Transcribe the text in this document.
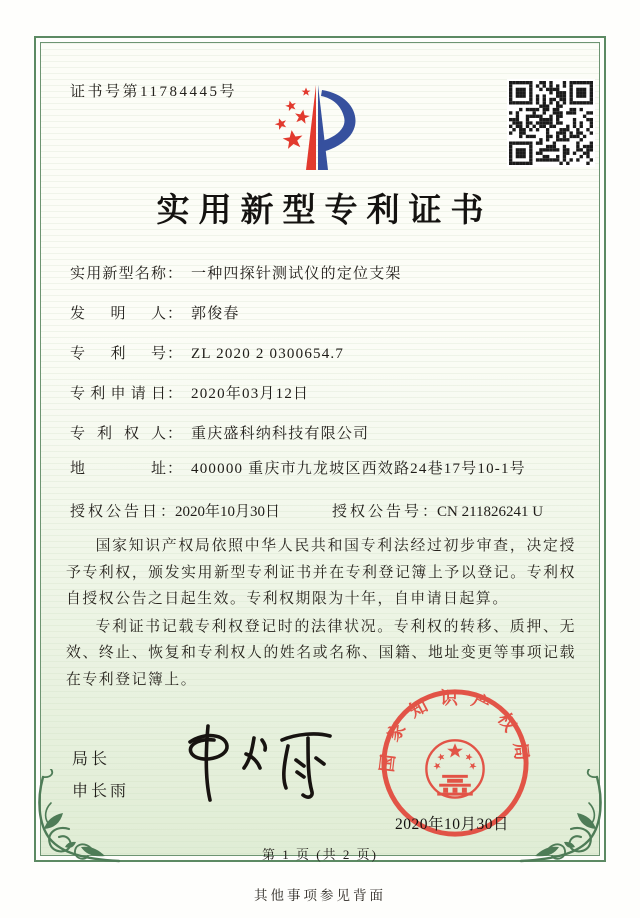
证书号第11784445号
实用新型专利证书
实用新型名称： 一种四探针测试仪的定位支架
发明人： 郭俊春
专利号： ZL 2020 2 0300654.7
专利申请日： 2020年03月12日
专利权人： 重庆盛科纳科技有限公司
地址： 400000 重庆市九龙坡区西效路24巷17号10-1号
授权公告日：2020年10月30日	授权公告号：CN 211826241 U

国家知识产权局依照中华人民共和国专利法经过初步审查，决定授予专利权，颁发实用新型专利证书并在专利登记簿上予以登记。专利权自授权公告之日起生效。专利权期限为十年，自申请日起算。

专利证书记载专利权登记时的法律状况。专利权的转移、质押、无效、终止、恢复和专利权人的姓名或名称、国籍、地址变更等事项记载在专利登记簿上。

局长
申长雨
国家知识产权局
2020年10月30日
第 1 页 (共 2 页)
其他事项参见背面
